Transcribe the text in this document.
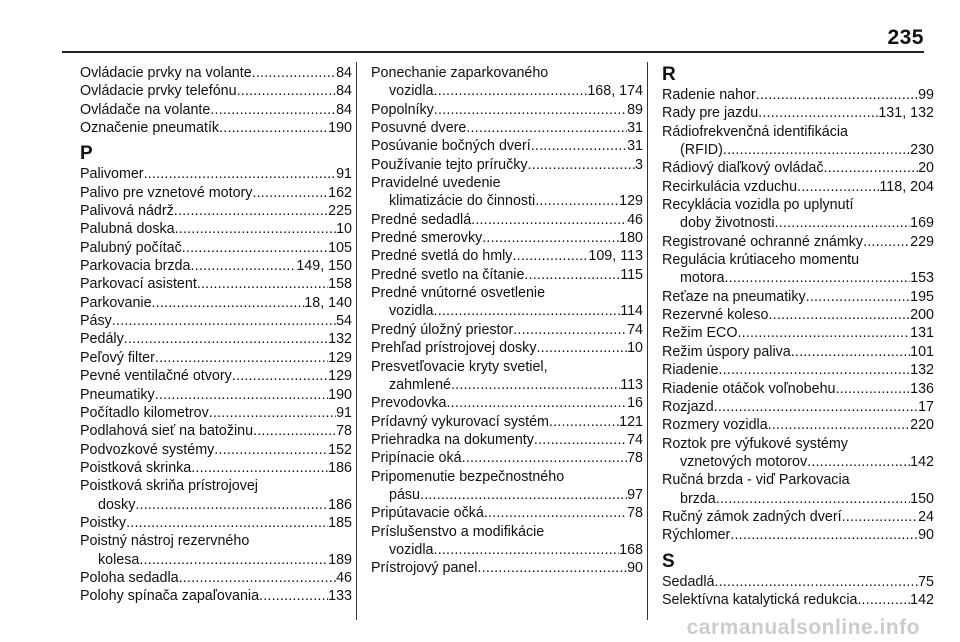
235
Ovládacie prvky na volante .....	84
Ovládacie prvky telefónu .....	84
Ovládače na volante .....	84
Označenie pneumatík .....	190
P
Palivomer .....	91
Palivo pre vznetové motory .....	162
Palivová nádrž .....	225
Palubná doska .....	10
Palubný počítač .....	105
Parkovacia brzda .....	149, 150
Parkovací asistent .....	158
Parkovanie .....	18, 140
Pásy .....	54
Pedály .....	132
Peľový filter .....	129
Pevné ventilačné otvory .....	129
Pneumatiky .....	190
Počítadlo kilometrov .....	91
Podlahová sieť na batožinu .....	78
Podvozkové systémy .....	152
Poistková skrinka .....	186
Poistková skriňa prístrojovej
dosky .....	186
Poistky .....	185
Poistný nástroj rezervného
kolesa .....	189
Poloha sedadla .....	46
Polohy spínača zapaľovania .....	133
Ponechanie zaparkovaného
vozidla .....	168, 174
Popolníky .....	89
Posuvné dvere .....	31
Posúvanie bočných dverí .....	31
Používanie tejto príručky .....	3
Pravidelné uvedenie
klimatizácie do činnosti .....	129
Predné sedadlá .....	46
Predné smerovky .....	180
Predné svetlá do hmly .....	109, 113
Predné svetlo na čítanie .....	115
Predné vnútorné osvetlenie
vozidla .....	114
Predný úložný priestor .....	74
Prehľad prístrojovej dosky .....	10
Presvetľovacie kryty svetiel,
zahmlené .....	113
Prevodovka .....	16
Prídavný vykurovací systém .....	121
Priehradka na dokumenty .....	74
Pripínacie oká .....	78
Pripomenutie bezpečnostného
pásu .....	97
Pripútavacie očká .....	78
Príslušenstvo a modifikácie
vozidla .....	168
Prístrojový panel .....	90
R
Radenie nahor .....	99
Rady pre jazdu .....	131, 132
Rádiofrekvenčná identifikácia
(RFID) .....	230
Rádiový diaľkový ovládač .....	20
Recirkulácia vzduchu .....	118, 204
Recyklácia vozidla po uplynutí
doby životnosti .....	169
Registrované ochranné známky .....	229
Regulácia krútiaceho momentu
motora .....	153
Reťaze na pneumatiky .....	195
Rezervné koleso .....	200
Režim ECO .....	131
Režim úspory paliva .....	101
Riadenie .....	132
Riadenie otáčok voľnobehu .....	136
Rozjazd .....	17
Rozmery vozidla .....	220
Roztok pre výfukové systémy
vznetových motorov .....	142
Ručná brzda - viď Parkovacia
brzda .....	150
Ručný zámok zadných dverí .....	24
Rýchlomer .....	90
S
Sedadlá .....	75
Selektívna katalytická redukcia. .....	142
carmanualsonline.info
